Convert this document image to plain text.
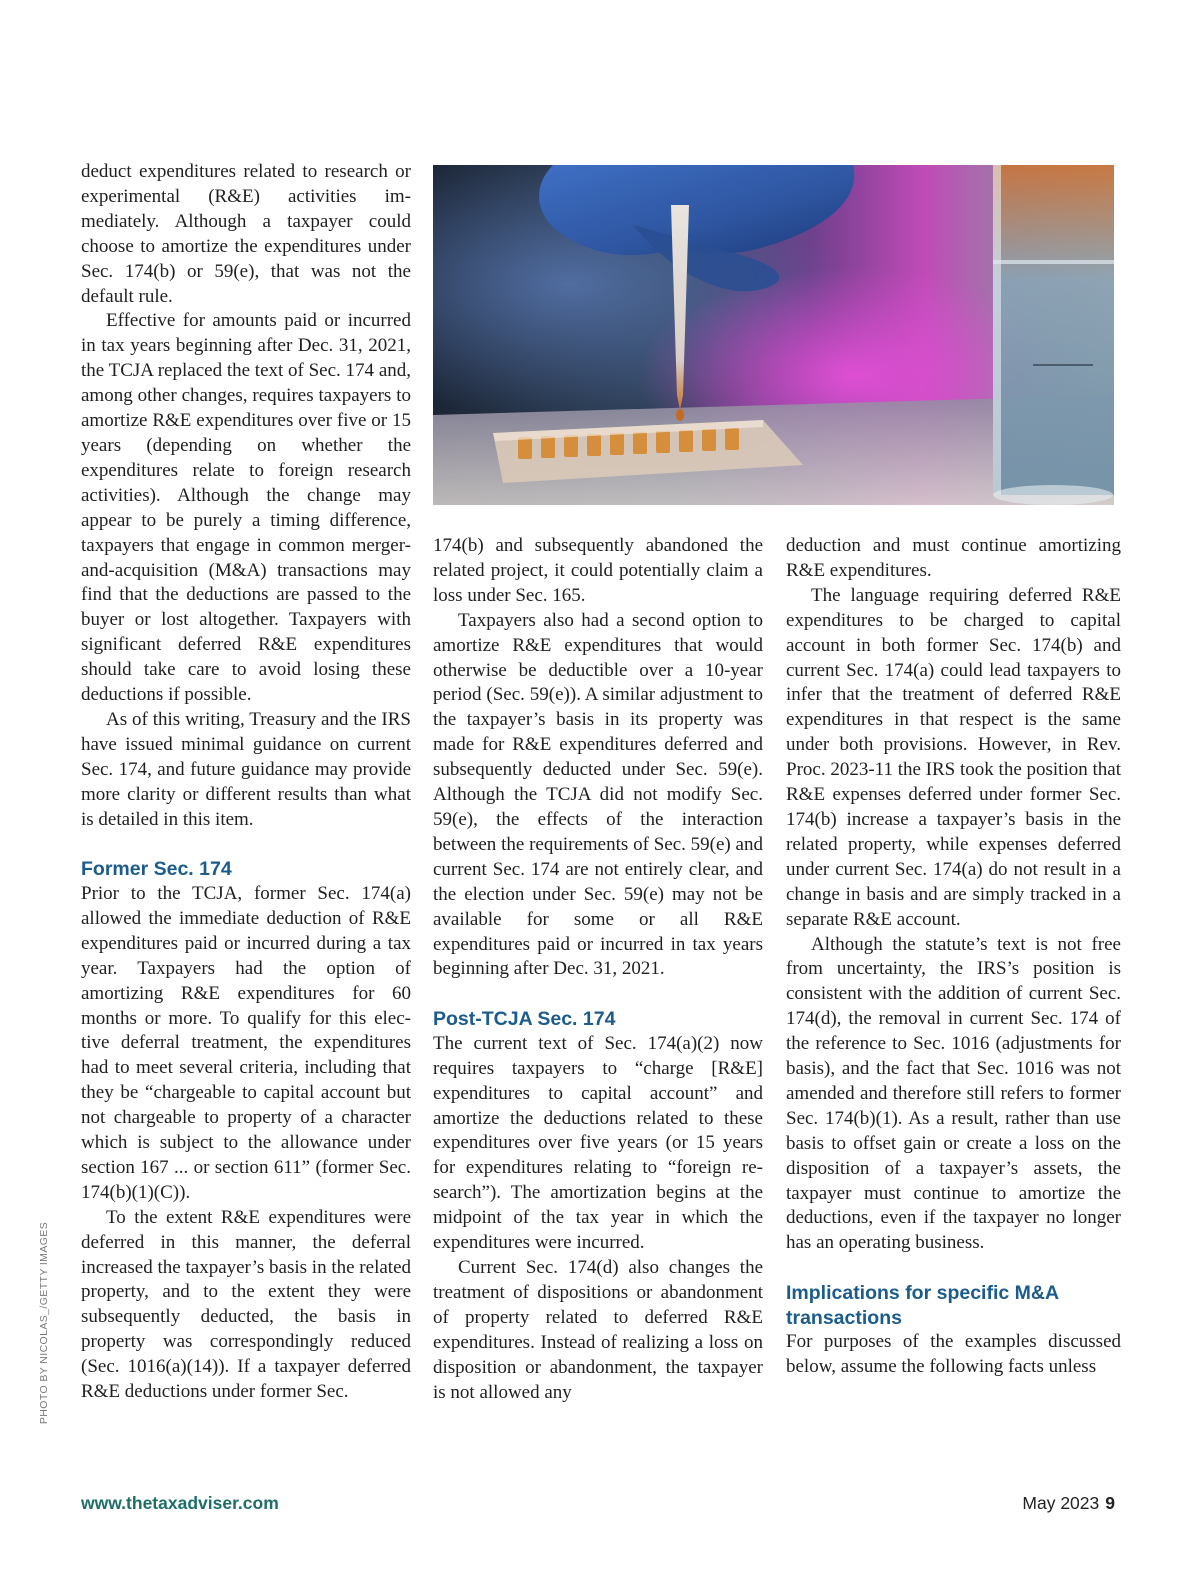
PHOTO BY NICOLAS_/GETTY IMAGES

deduct expenditures related to research or experimental (R&E) activities immediately. Although a taxpayer could choose to amortize the expenditures under Sec. 174(b) or 59(e), that was not the default rule.

Effective for amounts paid or incurred in tax years beginning after Dec. 31, 2021, the TCJA replaced the text of Sec. 174 and, among other changes, requires taxpayers to amortize R&E expenditures over five or 15 years (depending on whether the expenditures relate to foreign research activities). Although the change may appear to be purely a timing difference, taxpayers that engage in common merger-and-acquisition (M&A) transactions may find that the deductions are passed to the buyer or lost altogether. Taxpayers with significant deferred R&E expenditures should take care to avoid losing these deductions if possible.

As of this writing, Treasury and the IRS have issued minimal guidance on current Sec. 174, and future guidance may provide more clarity or different results than what is detailed in this item.

Former Sec. 174

Prior to the TCJA, former Sec. 174(a) allowed the immediate deduction of R&E expenditures paid or incurred during a tax year. Taxpayers had the option of amortizing R&E expenditures for 60 months or more. To qualify for this elective deferral treatment, the expenditures had to meet several criteria, including that they be “chargeable to capital account but not chargeable to property of a character which is subject to the allowance under section 167 ... or section 611” (former Sec. 174(b)(1)(C)).

To the extent R&E expenditures were deferred in this manner, the deferral increased the taxpayer’s basis in the related property, and to the extent they were subsequently deducted, the basis in property was correspondingly reduced (Sec. 1016(a)(14)). If a taxpayer deferred R&E deductions under former Sec.

174(b) and subsequently abandoned the related project, it could potentially claim a loss under Sec. 165.

Taxpayers also had a second option to amortize R&E expenditures that would otherwise be deductible over a 10-year period (Sec. 59(e)). A similar adjustment to the taxpayer’s basis in its property was made for R&E expenditures deferred and subsequently deducted under Sec. 59(e). Although the TCJA did not modify Sec. 59(e), the effects of the interaction between the requirements of Sec. 59(e) and current Sec. 174 are not entirely clear, and the election under Sec. 59(e) may not be available for some or all R&E expenditures paid or incurred in tax years beginning after Dec. 31, 2021.

Post-TCJA Sec. 174

The current text of Sec. 174(a)(2) now requires taxpayers to “charge [R&E] expenditures to capital account” and amortize the deductions related to these expenditures over five years (or 15 years for expenditures relating to “foreign research”). The amortization begins at the midpoint of the tax year in which the expenditures were incurred.

Current Sec. 174(d) also changes the treatment of dispositions or abandonment of property related to deferred R&E expenditures. Instead of realizing a loss on disposition or abandonment, the taxpayer is not allowed any

deduction and must continue amortizing R&E expenditures.

The language requiring deferred R&E expenditures to be charged to capital account in both former Sec. 174(b) and current Sec. 174(a) could lead taxpayers to infer that the treatment of deferred R&E expenditures in that respect is the same under both provisions. However, in Rev. Proc. 2023-11 the IRS took the position that R&E expenses deferred under former Sec. 174(b) increase a taxpayer’s basis in the related property, while expenses deferred under current Sec. 174(a) do not result in a change in basis and are simply tracked in a separate R&E account.

Although the statute’s text is not free from uncertainty, the IRS’s position is consistent with the addition of current Sec. 174(d), the removal in current Sec. 174 of the reference to Sec. 1016 (adjustments for basis), and the fact that Sec. 1016 was not amended and therefore still refers to former Sec. 174(b)(1). As a result, rather than use basis to offset gain or create a loss on the disposition of a taxpayer’s assets, the taxpayer must continue to amortize the deductions, even if the taxpayer no longer has an operating business.

Implications for specific M&A transactions

For purposes of the examples discussed below, assume the following facts unless

www.thetaxadviser.com	May 2023 9
